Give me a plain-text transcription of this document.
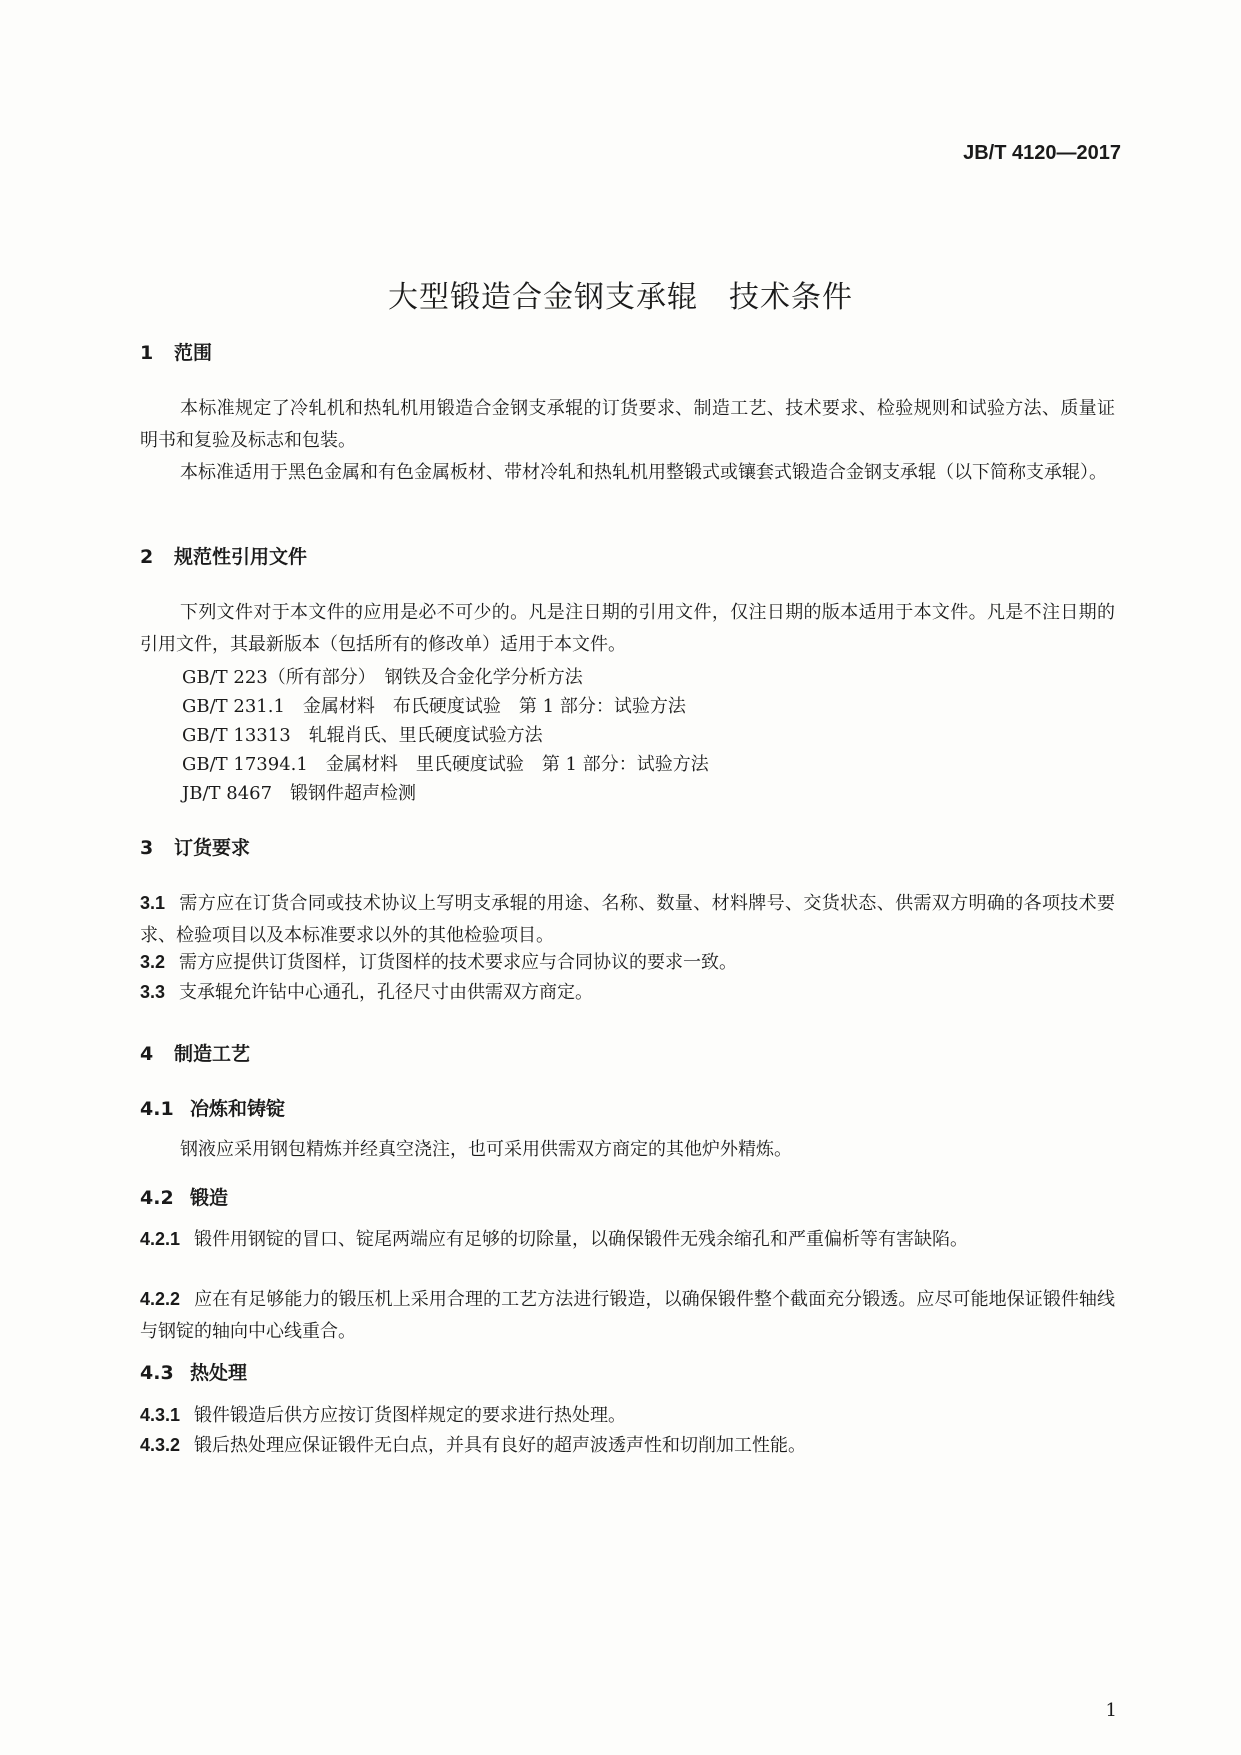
JB/T 4120—2017
大型锻造合金钢支承辊　技术条件
1 范围
本标准规定了冷轧机和热轧机用锻造合金钢支承辊的订货要求、制造工艺、技术要求、检验规则和试验方法、质量证明书和复验及标志和包装。
本标准适用于黑色金属和有色金属板材、带材冷轧和热轧机用整锻式或镶套式锻造合金钢支承辊（以下简称支承辊）。
2 规范性引用文件
下列文件对于本文件的应用是必不可少的。凡是注日期的引用文件，仅注日期的版本适用于本文件。凡是不注日期的引用文件，其最新版本（包括所有的修改单）适用于本文件。
GB/T 223（所有部分）　钢铁及合金化学分析方法
GB/T 231.1　金属材料　布氏硬度试验　第 1 部分：试验方法
GB/T 13313　轧辊肖氏、里氏硬度试验方法
GB/T 17394.1　金属材料　里氏硬度试验　第 1 部分：试验方法
JB/T 8467　锻钢件超声检测
3 订货要求
3.1 需方应在订货合同或技术协议上写明支承辊的用途、名称、数量、材料牌号、交货状态、供需双方明确的各项技术要求、检验项目以及本标准要求以外的其他检验项目。
3.2 需方应提供订货图样，订货图样的技术要求应与合同协议的要求一致。
3.3 支承辊允许钻中心通孔，孔径尺寸由供需双方商定。
4 制造工艺
4.1 冶炼和铸锭
钢液应采用钢包精炼并经真空浇注，也可采用供需双方商定的其他炉外精炼。
4.2 锻造
4.2.1 锻件用钢锭的冒口、锭尾两端应有足够的切除量，以确保锻件无残余缩孔和严重偏析等有害缺陷。
4.2.2 应在有足够能力的锻压机上采用合理的工艺方法进行锻造，以确保锻件整个截面充分锻透。应尽可能地保证锻件轴线与钢锭的轴向中心线重合。
4.3 热处理
4.3.1 锻件锻造后供方应按订货图样规定的要求进行热处理。
4.3.2 锻后热处理应保证锻件无白点，并具有良好的超声波透声性和切削加工性能。
1
